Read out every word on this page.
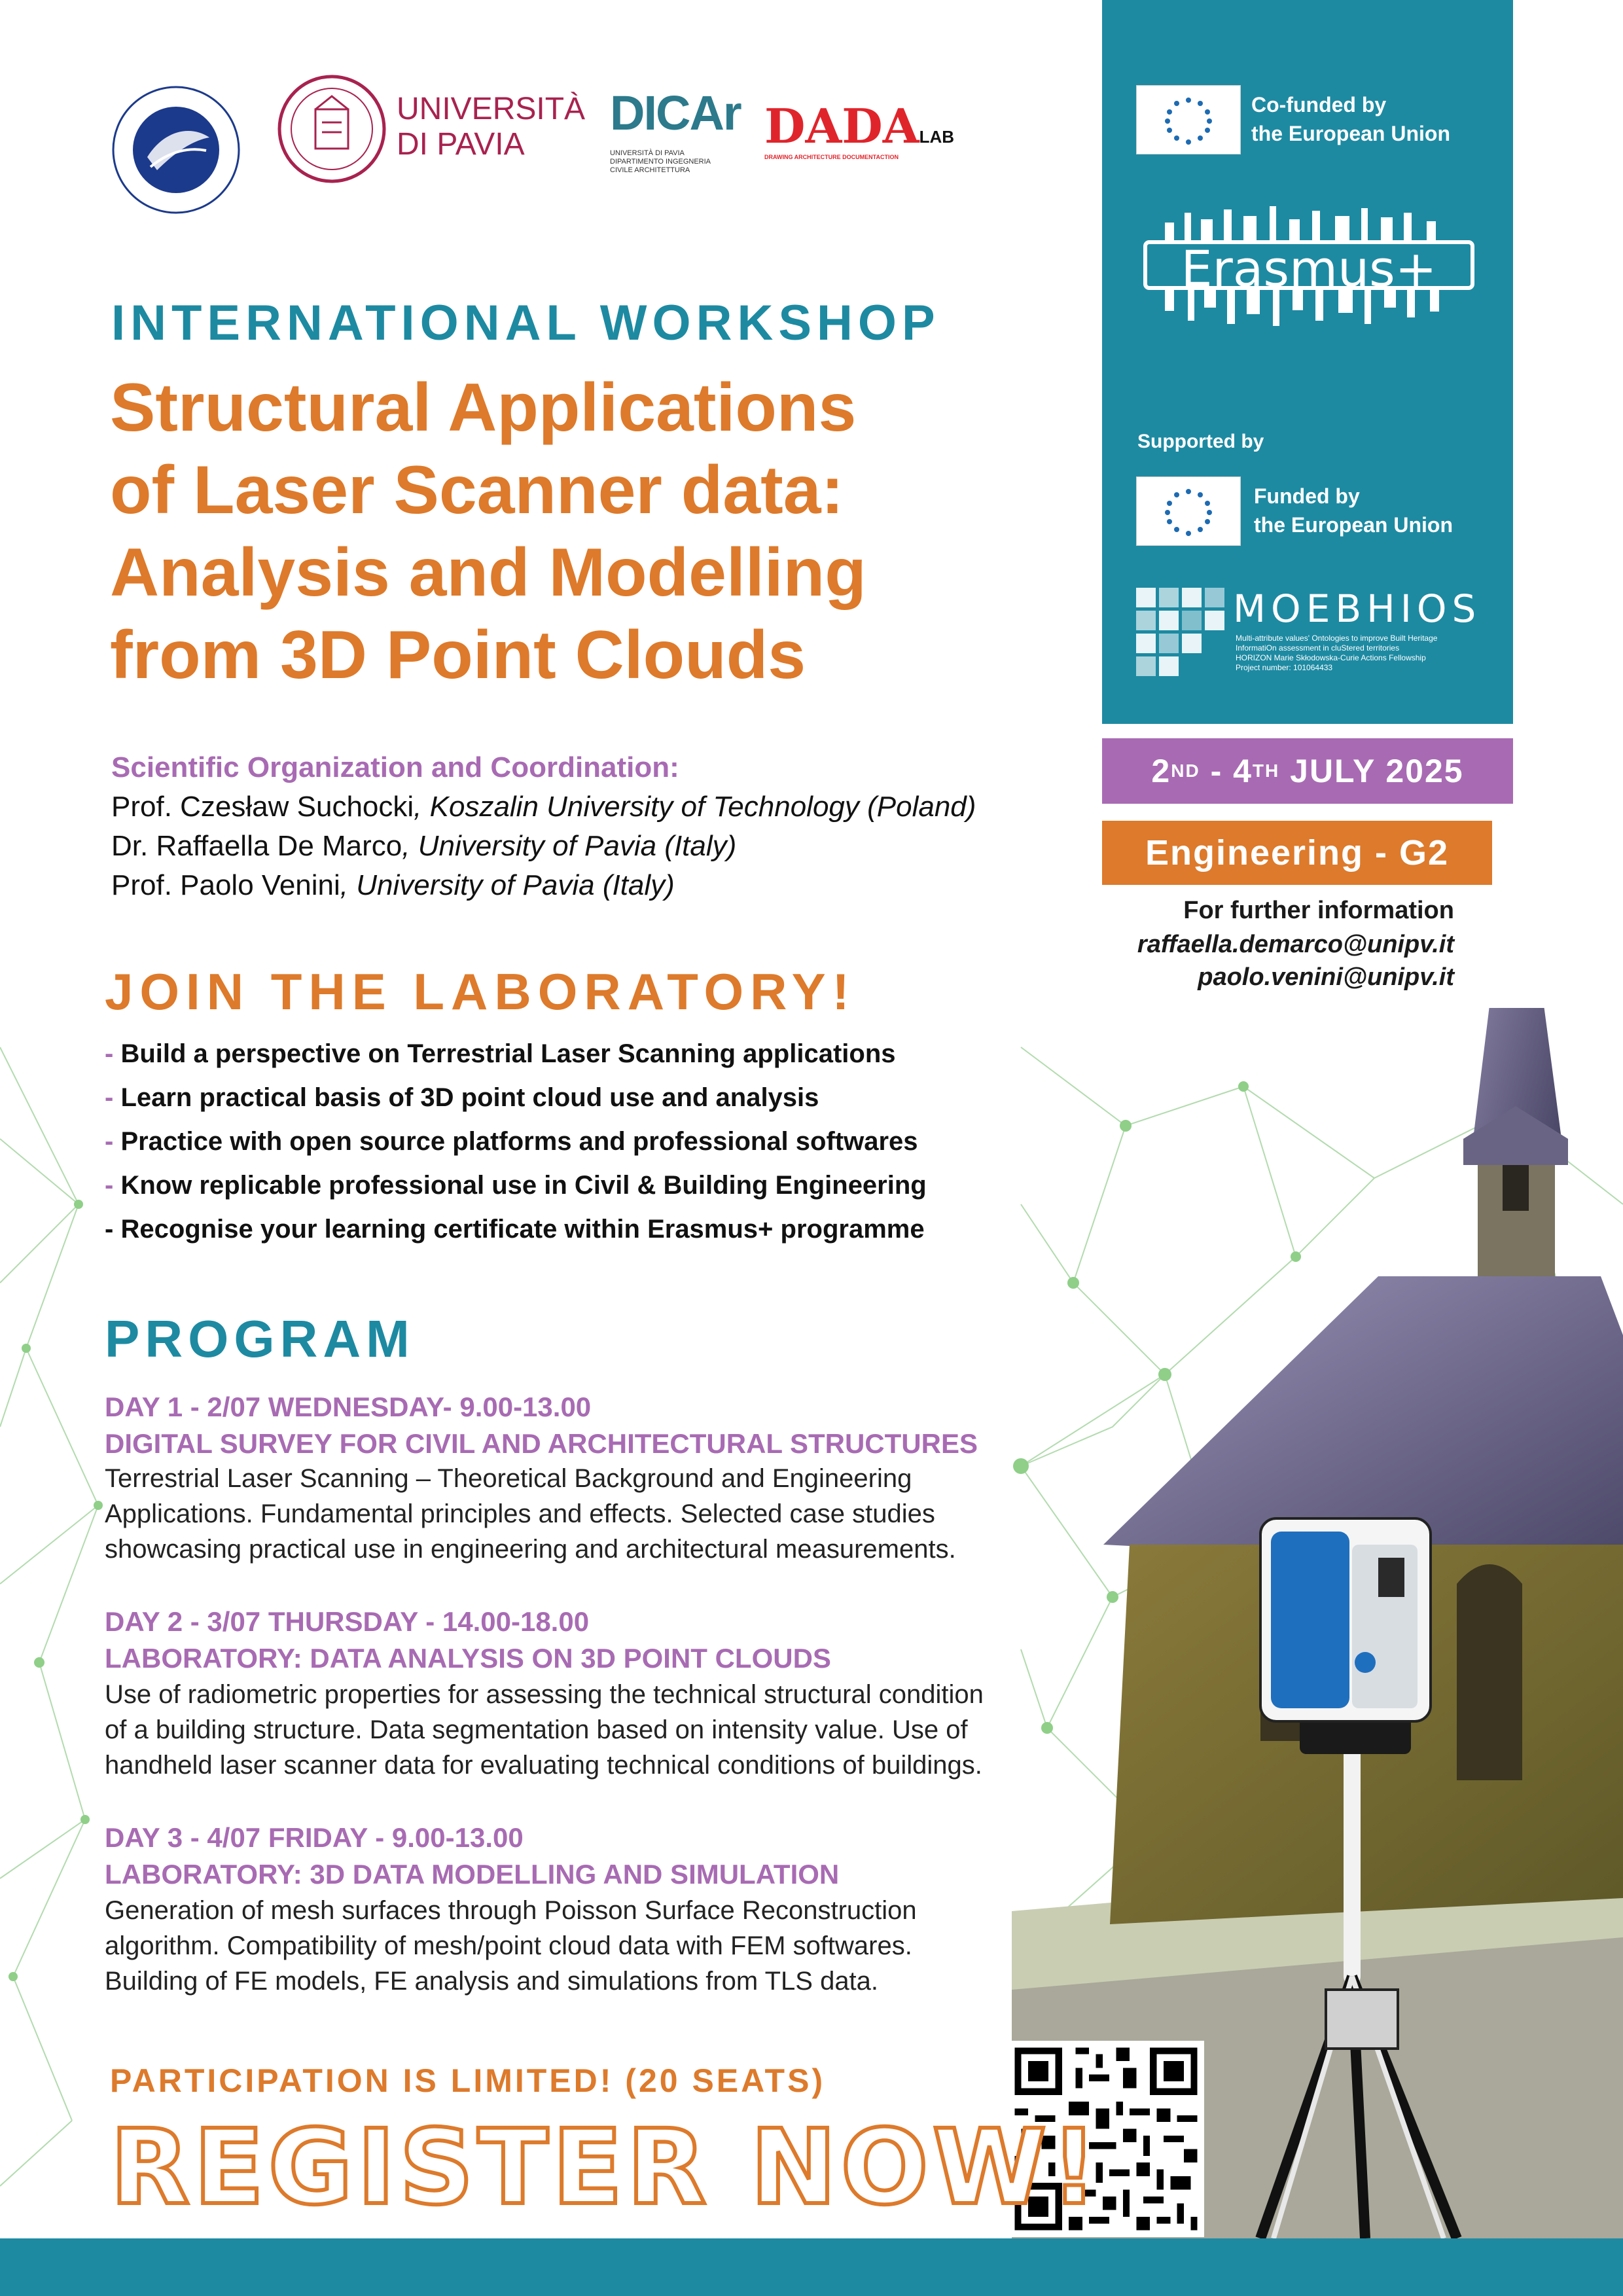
UNIVERSITÀ
DI PAVIA
DICAr
UNIVERSITÀ DI PAVIA DIPARTIMENTO INGEGNERIA CIVILE ARCHITETTURA
DADALAB
DRAWING ARCHITECTURE DOCUMENTACTION
Co-funded by
the European Union
Erasmus+
Supported by
Funded by
the European Union
MOEBHIOS
Multi-attribute values' Ontologies to improve Built Heritage
InformatiOn assessment in cluStered territories
HORIZON Marie Skłodowska-Curie Actions Fellowship
Project number: 101064433
2 ND - 4 TH JULY 2025
Engineering - G2
For further information
raffaella.demarco@unipv.it
paolo.venini@unipv.it
INTERNATIONAL WORKSHOP
Structural Applications
of Laser Scanner data:
Analysis and Modelling
from 3D Point Clouds
Scientific Organization and Coordination:
Prof. Czesław Suchocki, Koszalin University of Technology (Poland)
Dr. Raffaella De Marco, University of Pavia (Italy)
Prof. Paolo Venini, University of Pavia (Italy)
JOIN THE LABORATORY!
- Build a perspective on Terrestrial Laser Scanning applications
- Learn practical basis of 3D point cloud use and analysis
- Practice with open source platforms and professional softwares
- Know replicable professional use in Civil & Building Engineering
- Recognise your learning certificate within Erasmus+ programme
PROGRAM
DAY 1 - 2/07 WEDNESDAY- 9.00-13.00
DIGITAL SURVEY FOR CIVIL AND ARCHITECTURAL STRUCTURES
Terrestrial Laser Scanning – Theoretical Background and Engineering
Applications. Fundamental principles and effects. Selected case studies
showcasing practical use in engineering and architectural measurements.
DAY 2 - 3/07 THURSDAY - 14.00-18.00
LABORATORY: DATA ANALYSIS ON 3D POINT CLOUDS
Use of radiometric properties for assessing the technical structural condition
of a building structure. Data segmentation based on intensity value. Use of
handheld laser scanner data for evaluating technical conditions of buildings.
DAY 3 - 4/07 FRIDAY - 9.00-13.00
LABORATORY: 3D DATA MODELLING AND SIMULATION
Generation of mesh surfaces through Poisson Surface Reconstruction
algorithm. Compatibility of mesh/point cloud data with FEM softwares.
Building of FE models, FE analysis and simulations from TLS data.
PARTICIPATION IS LIMITED! (20 SEATS)
REGISTER NOW!
